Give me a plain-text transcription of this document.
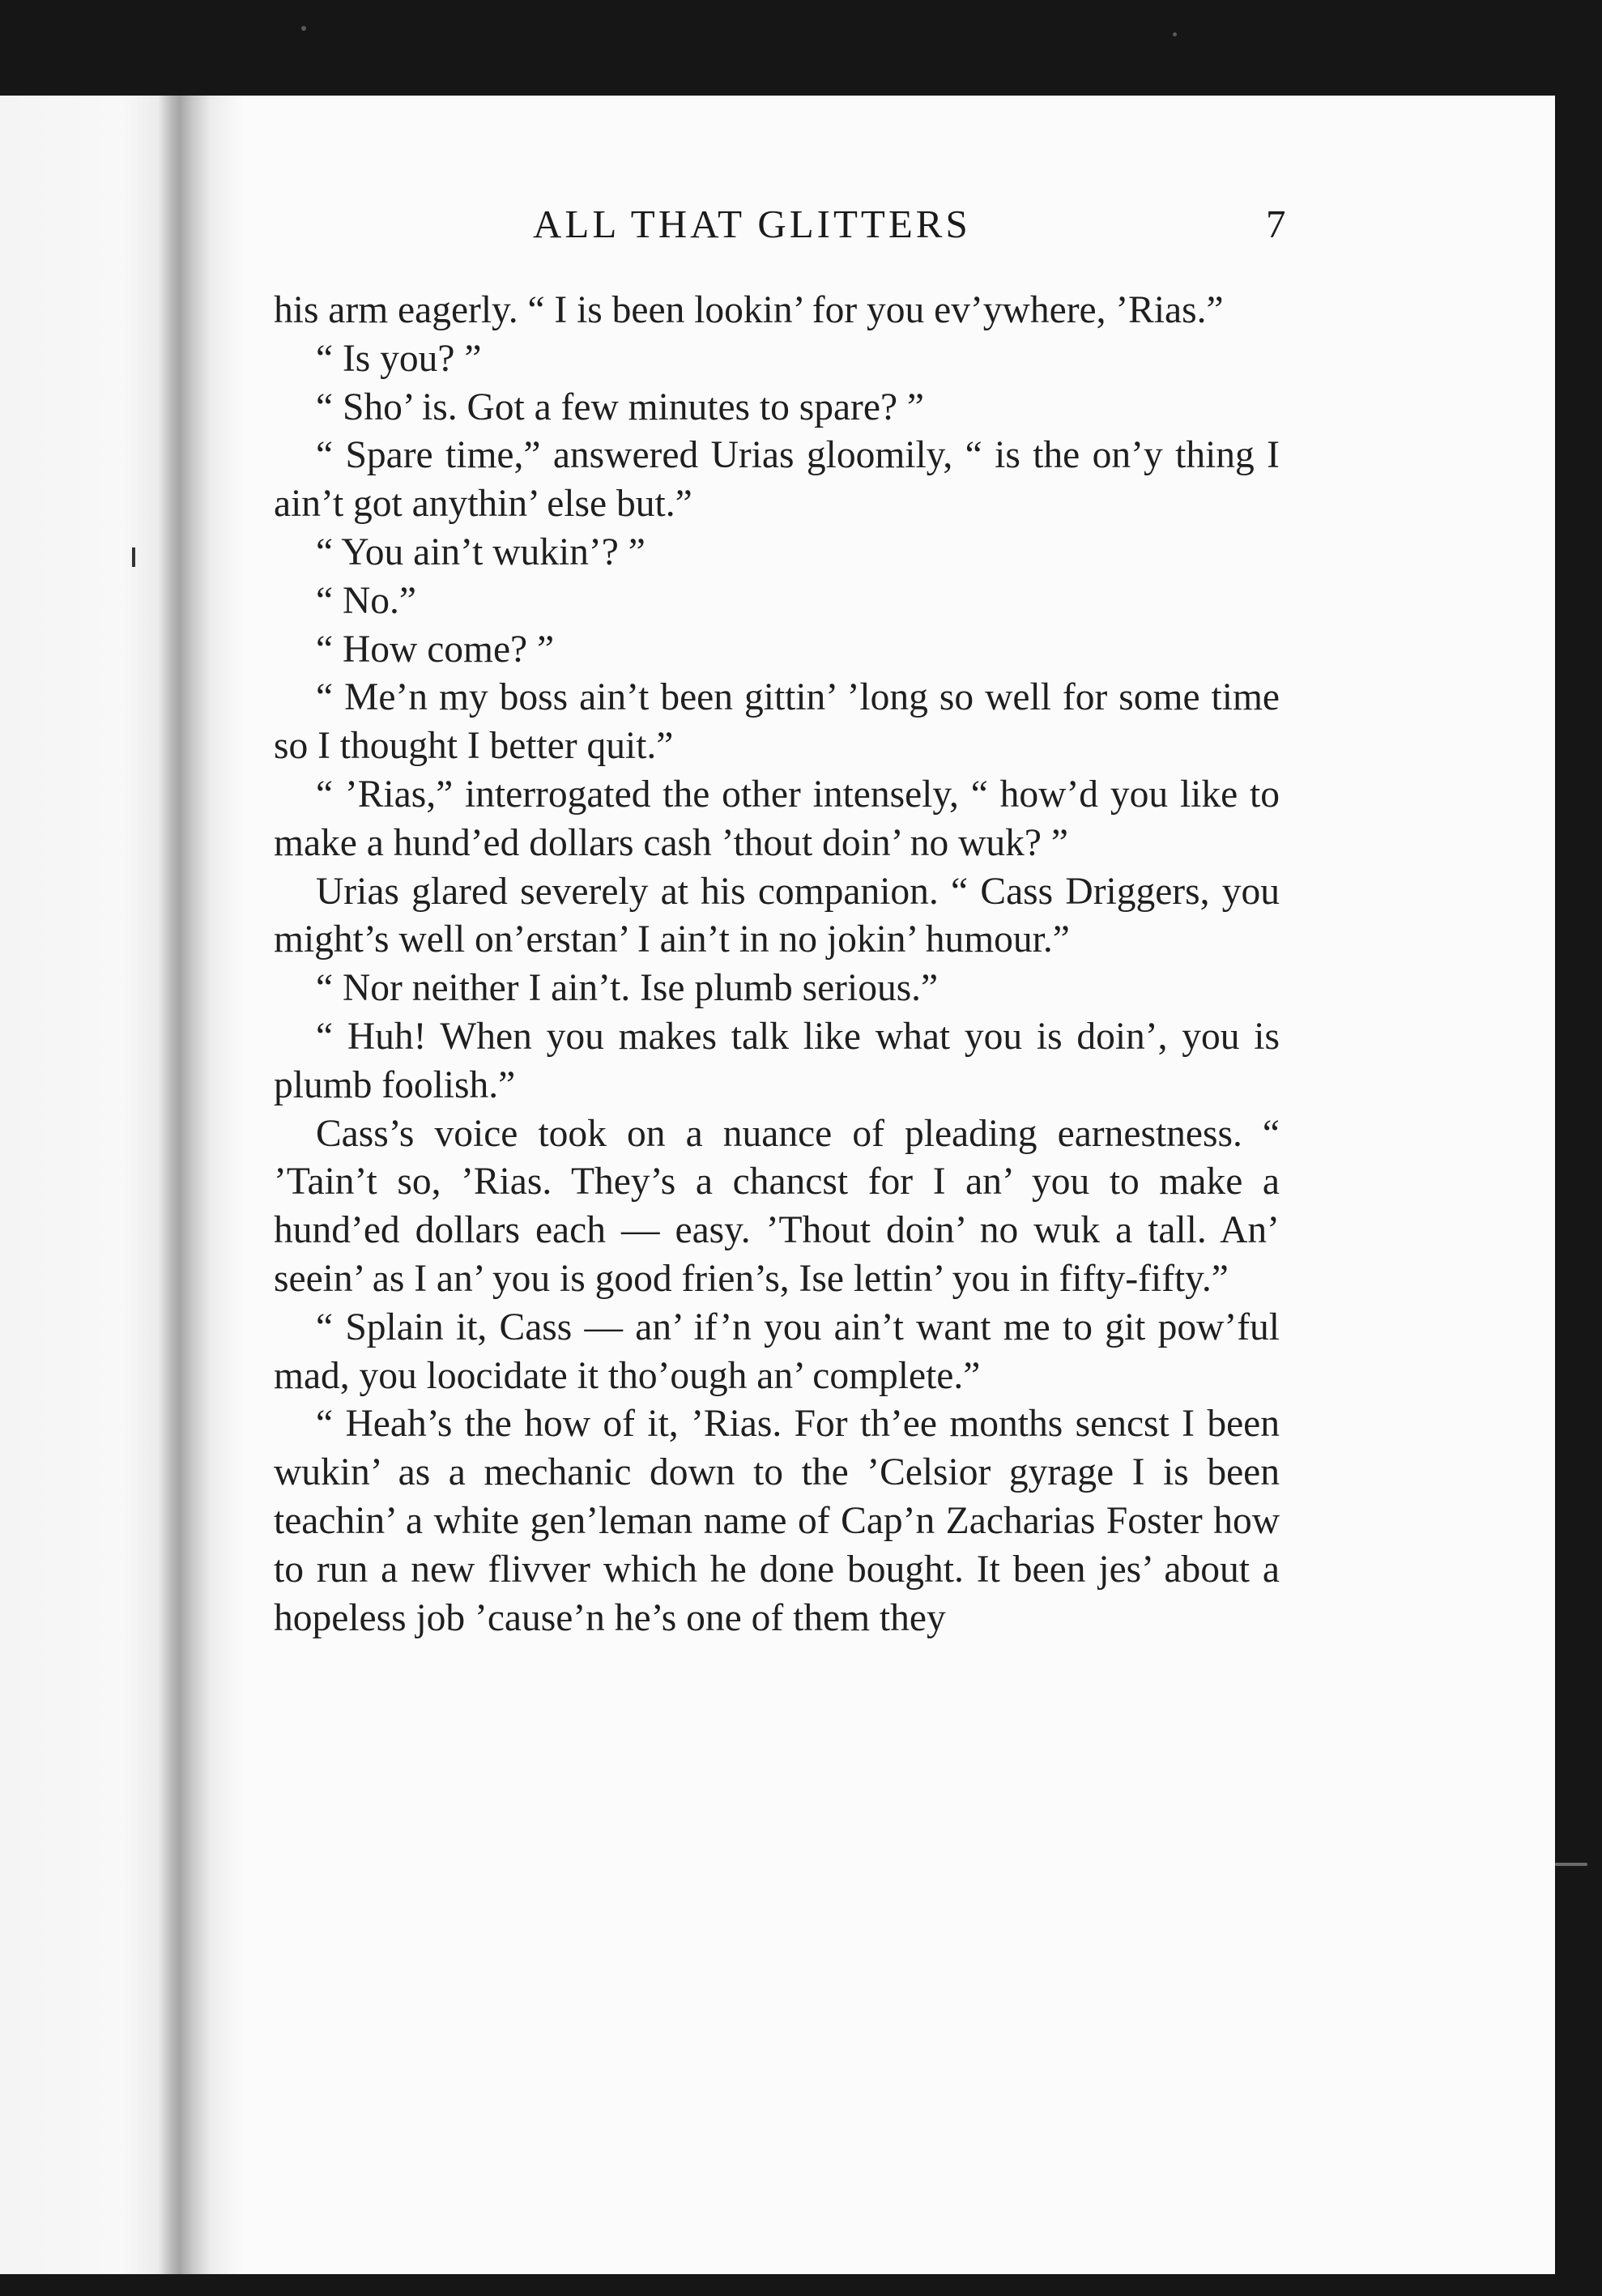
ALL THAT GLITTERS	7

his arm eagerly. “ I is been lookin’ for you ev’ywhere, ’Rias.”

“ Is you? ”

“ Sho’ is. Got a few minutes to spare? ”

“ Spare time,” answered Urias gloomily, “ is the on’y thing I ain’t got anythin’ else but.”

“ You ain’t wukin’? ”

“ No.”

“ How come? ”

“ Me’n my boss ain’t been gittin’ ’long so well for some time so I thought I better quit.”

“ ’Rias,” interrogated the other intensely, “ how’d you like to make a hund’ed dollars cash ’thout doin’ no wuk? ”

Urias glared severely at his companion. “ Cass Driggers, you might’s well on’erstan’ I ain’t in no jokin’ humour.”

“ Nor neither I ain’t. Ise plumb serious.”

“ Huh! When you makes talk like what you is doin’, you is plumb foolish.”

Cass’s voice took on a nuance of pleading earnestness. “ ’Tain’t so, ’Rias. They’s a chancst for I an’ you to make a hund’ed dollars each — easy. ’Thout doin’ no wuk a tall. An’ seein’ as I an’ you is good frien’s, Ise lettin’ you in fifty-fifty.”

“ Splain it, Cass — an’ if’n you ain’t want me to git pow’ful mad, you loocidate it tho’ough an’ complete.”

“ Heah’s the how of it, ’Rias. For th’ee months sencst I been wukin’ as a mechanic down to the ’Celsior gyrage I is been teachin’ a white gen’leman name of Cap’n Zacharias Foster how to run a new flivver which he done bought. It been jes’ about a hopeless job ’cause’n he’s one of them they
